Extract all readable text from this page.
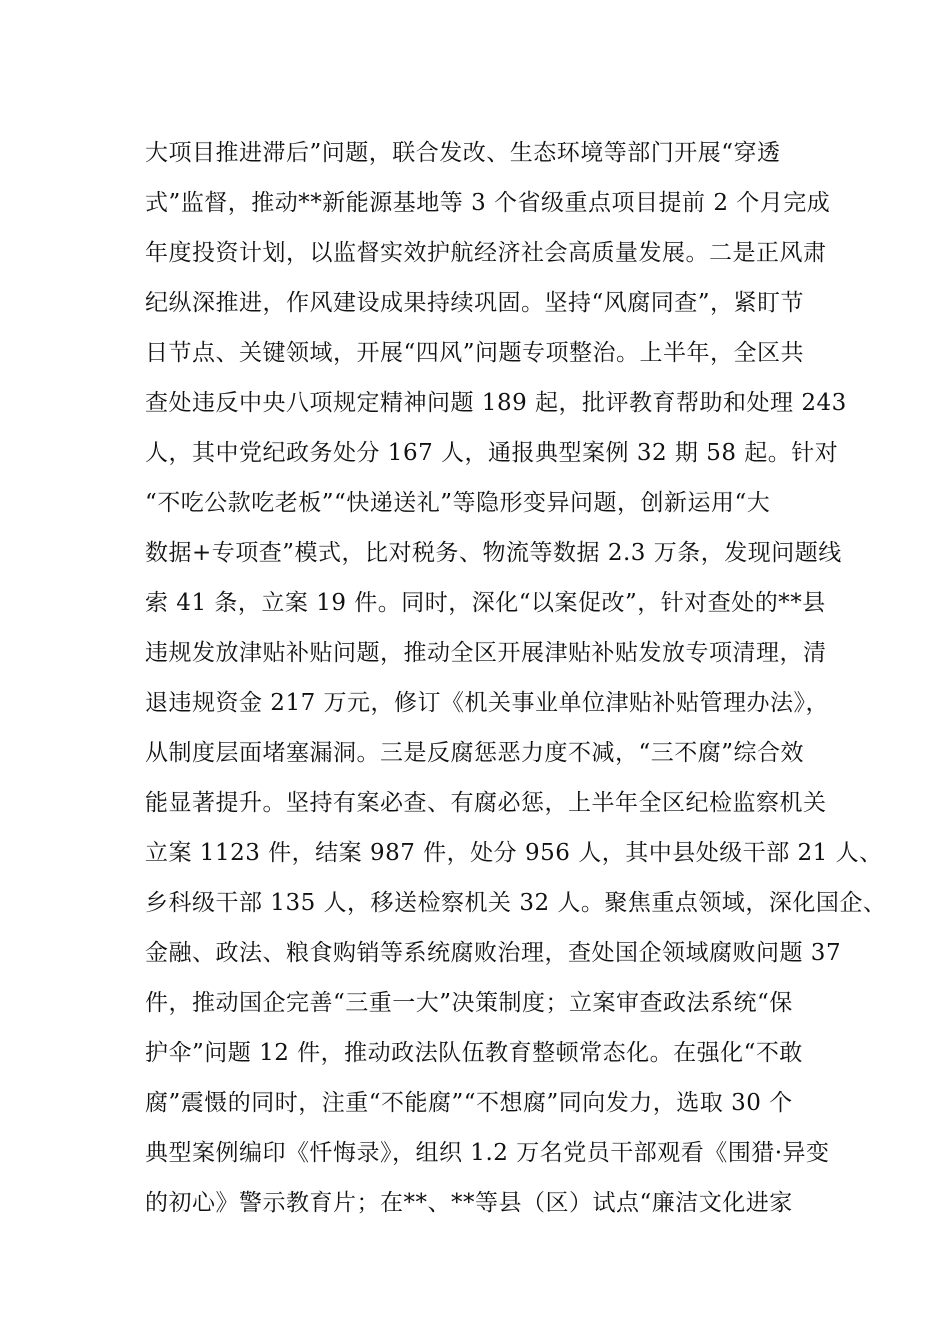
大项目推进滞后”问题，联合发改、生态环境等部门开展“穿透
式”监督，推动**新能源基地等 3 个省级重点项目提前 2 个月完成
年度投资计划，以监督实效护航经济社会高质量发展。二是正风肃
纪纵深推进，作风建设成果持续巩固。坚持“风腐同查”，紧盯节
日节点、关键领域，开展“四风”问题专项整治。上半年，全区共
查处违反中央八项规定精神问题 189 起，批评教育帮助和处理 243
人，其中党纪政务处分 167 人，通报典型案例 32 期 58 起。针对
“不吃公款吃老板”“快递送礼”等隐形变异问题，创新运用“大
数据+专项查”模式，比对税务、物流等数据 2.3 万条，发现问题线
索 41 条，立案 19 件。同时，深化“以案促改”，针对查处的**县
违规发放津贴补贴问题，推动全区开展津贴补贴发放专项清理，清
退违规资金 217 万元，修订《机关事业单位津贴补贴管理办法》，
从制度层面堵塞漏洞。三是反腐惩恶力度不减，“三不腐”综合效
能显著提升。坚持有案必查、有腐必惩，上半年全区纪检监察机关
立案 1123 件，结案 987 件，处分 956 人，其中县处级干部 21 人、
乡科级干部 135 人，移送检察机关 32 人。聚焦重点领域，深化国企、
金融、政法、粮食购销等系统腐败治理，查处国企领域腐败问题 37
件，推动国企完善“三重一大”决策制度；立案审查政法系统“保
护伞”问题 12 件，推动政法队伍教育整顿常态化。在强化“不敢
腐”震慑的同时，注重“不能腐”“不想腐”同向发力，选取 30 个
典型案例编印《忏悔录》，组织 1.2 万名党员干部观看《围猎·异变
的初心》警示教育片；在**、**等县（区）试点“廉洁文化进家
